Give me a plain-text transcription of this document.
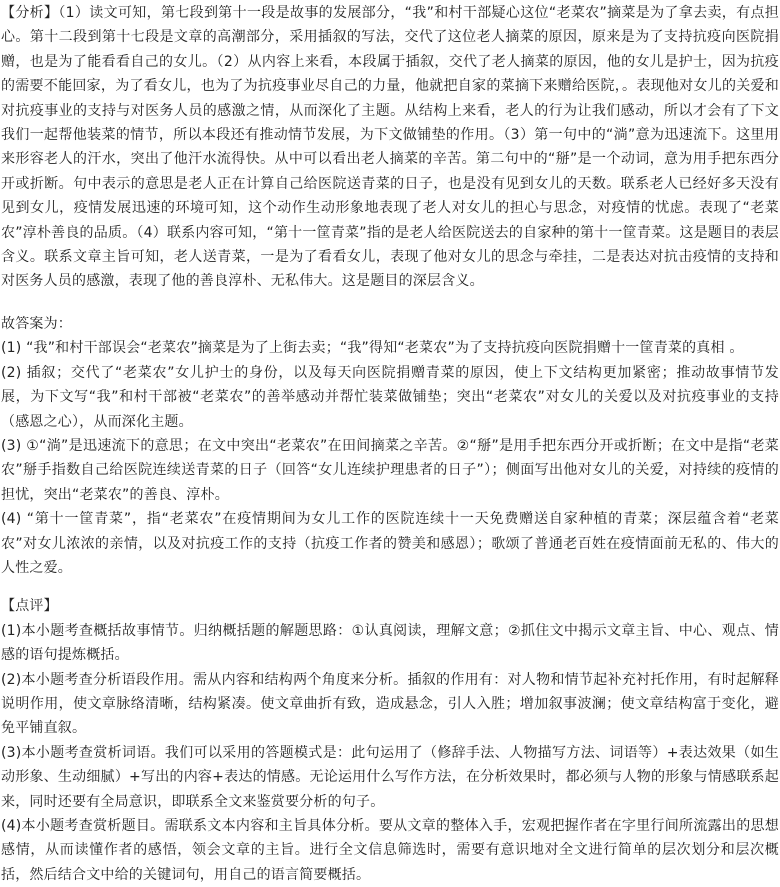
【分析】（1）读文可知，第七段到第十一段是故事的发展部分，“我”和村干部疑心这位“老菜农”摘菜是为了拿去卖，有点担心。第十二段到第十七段是文章的高潮部分，采用插叙的写法，交代了这位老人摘菜的原因，原来是为了支持抗疫向医院捐赠，也是为了能看看自己的女儿。（2）从内容上来看，本段属于插叙，交代了老人摘菜的原因，他的女儿是护士，因为抗疫的需要不能回家，为了看女儿，也为了为抗疫事业尽自己的力量，他就把自家的菜摘下来赠给医院，。表现他对女儿的关爱和对抗疫事业的支持与对医务人员的感激之情，从而深化了主题。从结构上来看，老人的行为让我们感动，所以才会有了下文我们一起帮他装菜的情节，所以本段还有推动情节发展，为下文做铺垫的作用。（3）第一句中的“淌”意为迅速流下。这里用来形容老人的汗水，突出了他汗水流得快。从中可以看出老人摘菜的辛苦。第二句中的“掰”是一个动词，意为用手把东西分开或折断。句中表示的意思是老人正在计算自己给医院送青菜的日子，也是没有见到女儿的天数。联系老人已经好多天没有见到女儿，疫情发展迅速的环境可知，这个动作生动形象地表现了老人对女儿的担心与思念，对疫情的忧虑。表现了“老菜农”淳朴善良的品质。（4）联系内容可知，“第十一筐青菜”指的是老人给医院送去的自家种的第十一筐青菜。这是题目的表层含义。联系文章主旨可知，老人送青菜，一是为了看看女儿，表现了他对女儿的思念与牵挂，二是表达对抗击疫情的支持和对医务人员的感激，表现了他的善良淳朴、无私伟大。这是题目的深层含义。

故答案为：

(1) “我”和村干部误会“老菜农”摘菜是为了上街去卖；“我”得知“老菜农”为了支持抗疫向医院捐赠十一筐青菜的真相 。

(2) 插叙；交代了“老菜农”女儿护士的身份，以及每天向医院捐赠青菜的原因，使上下文结构更加紧密；推动故事情节发展，为下文写“我”和村干部被“老菜农”的善举感动并帮忙装菜做铺垫；突出“老菜农”对女儿的关爱以及对抗疫事业的支持（感恩之心），从而深化主题。

(3) ①“淌”是迅速流下的意思；在文中突出“老菜农”在田间摘菜之辛苦。②“掰”是用手把东西分开或折断；在文中是指“老菜农”掰手指数自己给医院连续送青菜的日子（回答“女儿连续护理患者的日子”）；侧面写出他对女儿的关爱，对持续的疫情的担忧，突出“老菜农”的善良、淳朴。

(4) “第十一筐青菜”，指“老菜农”在疫情期间为女儿工作的医院连续十一天免费赠送自家种植的青菜；深层蕴含着“老菜农”对女儿浓浓的亲情，以及对抗疫工作的支持（抗疫工作者的赞美和感恩）；歌颂了普通老百姓在疫情面前无私的、伟大的人性之爱。

【点评】

(1)本小题考查概括故事情节。归纳概括题的解题思路：①认真阅读，理解文意；②抓住文中揭示文章主旨、中心、观点、情感的语句提炼概括。

(2)本小题考查分析语段作用。需从内容和结构两个角度来分析。插叙的作用有：对人物和情节起补充衬托作用，有时起解释说明作用，使文章脉络清晰，结构紧凑。使文章曲折有致，造成悬念，引人入胜；增加叙事波澜；使文章结构富于变化，避免平铺直叙。

(3)本小题考查赏析词语。我们可以采用的答题模式是：此句运用了（修辞手法、人物描写方法、词语等）+表达效果（如生动形象、生动细腻）+写出的内容+表达的情感。无论运用什么写作方法，在分析效果时，都必须与人物的形象与情感联系起来，同时还要有全局意识，即联系全文来鉴赏要分析的句子。

(4)本小题考查赏析题目。需联系文本内容和主旨具体分析。要从文章的整体入手，宏观把握作者在字里行间所流露出的思想感情，从而读懂作者的感悟，领会文章的主旨。进行全文信息筛选时，需要有意识地对全文进行简单的层次划分和层次概括，然后结合文中给的关键词句，用自己的语言简要概括。
